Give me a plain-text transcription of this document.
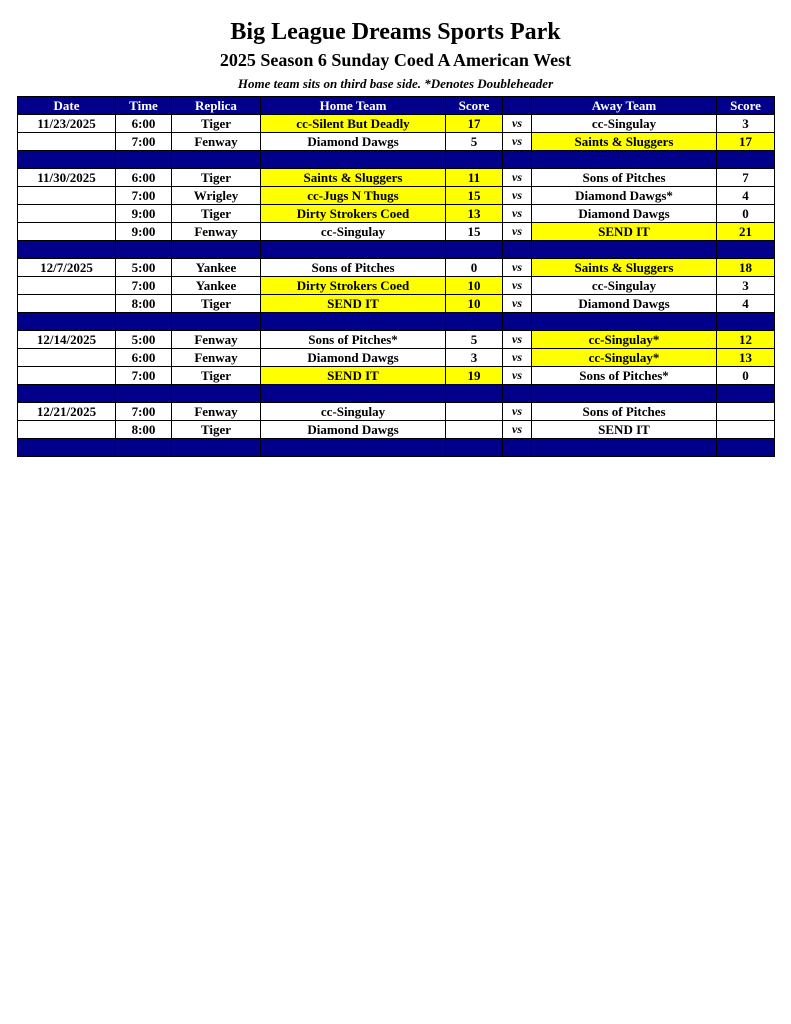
Big League Dreams Sports Park
2025 Season 6 Sunday Coed A American West
Home team sits on third base side. *Denotes Doubleheader
Date	Time	Replica	Home Team	Score		Away Team	Score
11/23/2025	6:00	Tiger	cc-Silent But Deadly	17	vs	cc-Singulay	3
	7:00	Fenway	Diamond Dawgs	5	vs	Saints & Sluggers	17

11/30/2025	6:00	Tiger	Saints & Sluggers	11	vs	Sons of Pitches	7
	7:00	Wrigley	cc-Jugs N Thugs	15	vs	Diamond Dawgs*	4
	9:00	Tiger	Dirty Strokers Coed	13	vs	Diamond Dawgs	0
	9:00	Fenway	cc-Singulay	15	vs	SEND IT	21

12/7/2025	5:00	Yankee	Sons of Pitches	0	vs	Saints & Sluggers	18
	7:00	Yankee	Dirty Strokers Coed	10	vs	cc-Singulay	3
	8:00	Tiger	SEND IT	10	vs	Diamond Dawgs	4

12/14/2025	5:00	Fenway	Sons of Pitches*	5	vs	cc-Singulay*	12
	6:00	Fenway	Diamond Dawgs	3	vs	cc-Singulay*	13
	7:00	Tiger	SEND IT	19	vs	Sons of Pitches*	0

12/21/2025	7:00	Fenway	cc-Singulay		vs	Sons of Pitches	
	8:00	Tiger	Diamond Dawgs		vs	SEND IT	
